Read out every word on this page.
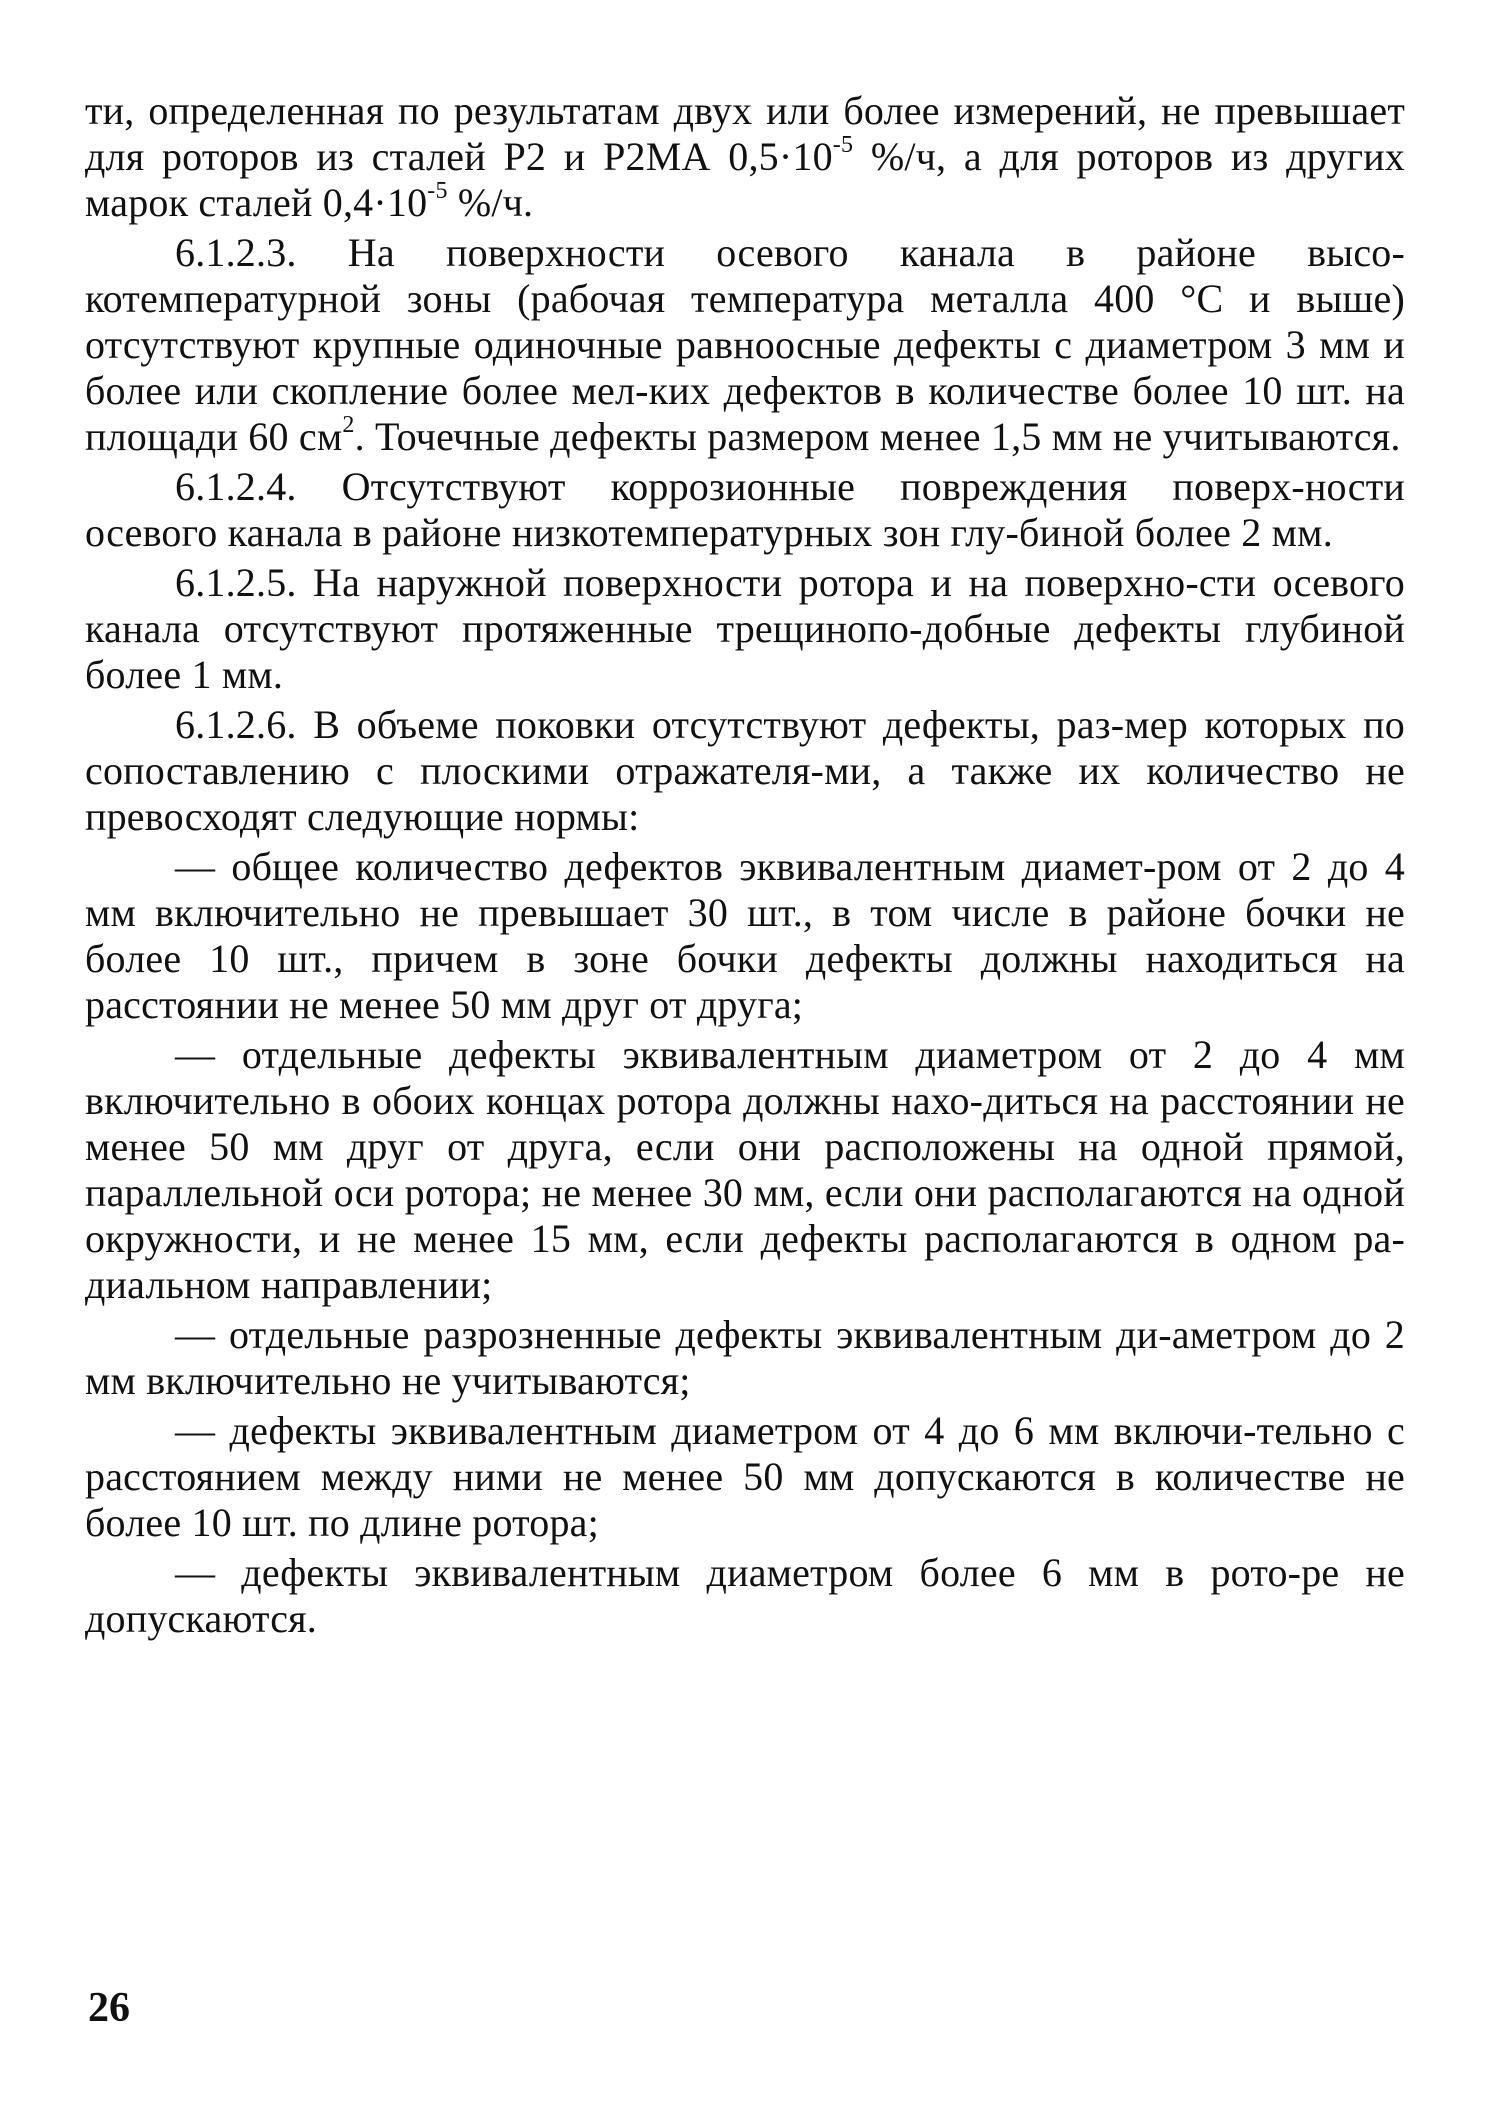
ти, определенная по результатам двух или более измерений, не превышает для роторов из сталей Р2 и Р2МА $0,5\cdot 10^{-5}$ %/ч, а для роторов из других марок сталей $0,4\cdot 10^{-5}$ %/ч.

6.1.2.3. На поверхности осевого канала в районе высо-котемпературной зоны (рабочая температура металла 400 °С и выше) отсутствуют крупные одиночные равноосные дефекты с диаметром 3 мм и более или скопление более мел-ких дефектов в количестве более 10 шт. на площади 60 $см^2$. Точечные дефекты размером менее 1,5 мм не учитываются.

6.1.2.4. Отсутствуют коррозионные повреждения поверх-ности осевого канала в районе низкотемпературных зон глу-биной более 2 мм.

6.1.2.5. На наружной поверхности ротора и на поверхно-сти осевого канала отсутствуют протяженные трещинопо-добные дефекты глубиной более 1 мм.

6.1.2.6. В объеме поковки отсутствуют дефекты, раз-мер которых по сопоставлению с плоскими отражателя-ми, а также их количество не превосходят следующие нормы:

— общее количество дефектов эквивалентным диамет-ром от 2 до 4 мм включительно не превышает 30 шт., в том числе в районе бочки не более 10 шт., причем в зоне бочки дефекты должны находиться на расстоянии не менее 50 мм друг от друга;

— отдельные дефекты эквивалентным диаметром от 2 до 4 мм включительно в обоих концах ротора должны нахо-диться на расстоянии не менее 50 мм друг от друга, если они расположены на одной прямой, параллельной оси ротора; не менее 30 мм, если они располагаются на одной окружности, и не менее 15 мм, если дефекты располагаются в одном ра-диальном направлении;

— отдельные разрозненные дефекты эквивалентным ди-аметром до 2 мм включительно не учитываются;

— дефекты эквивалентным диаметром от 4 до 6 мм включи-тельно с расстоянием между ними не менее 50 мм допускаются в количестве не более 10 шт. по длине ротора;

— дефекты эквивалентным диаметром более 6 мм в рото-ре не допускаются.

26
